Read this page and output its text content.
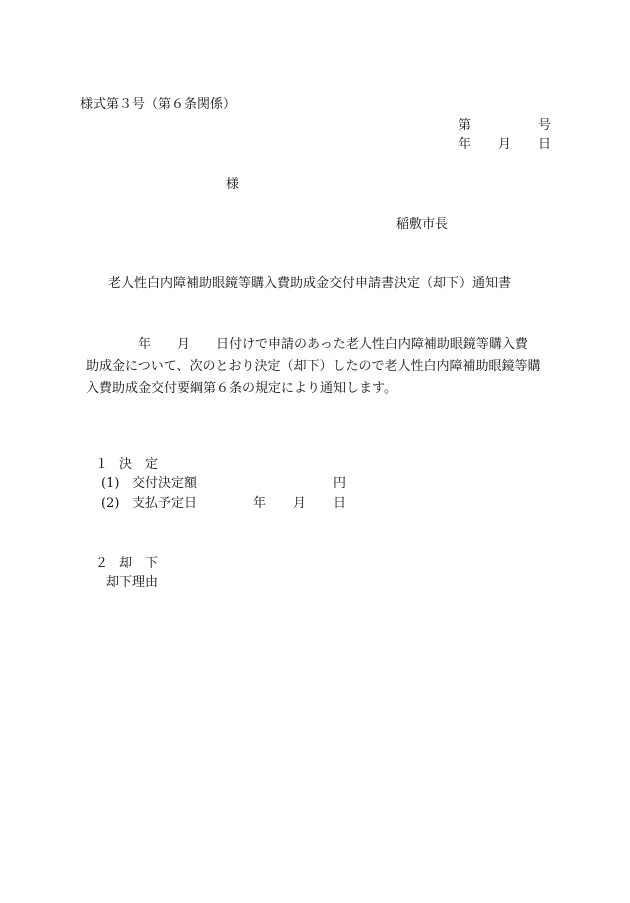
様式第３号（第６条関係）
第	号
年 月 日
様
稲敷市長
老人性白内障補助眼鏡等購入費助成金交付申請書決定（却下）通知書
　　　　年　　月　　日付けで申請のあった老人性白内障補助眼鏡等購入費
助成金について、次のとおり決定（却下）したので老人性白内障補助眼鏡等購
入費助成金交付要綱第６条の規定により通知します。
１ 決　定
(1) 交付決定額	円
(2) 支払予定日	年 月 日
２ 却　下
却下理由
